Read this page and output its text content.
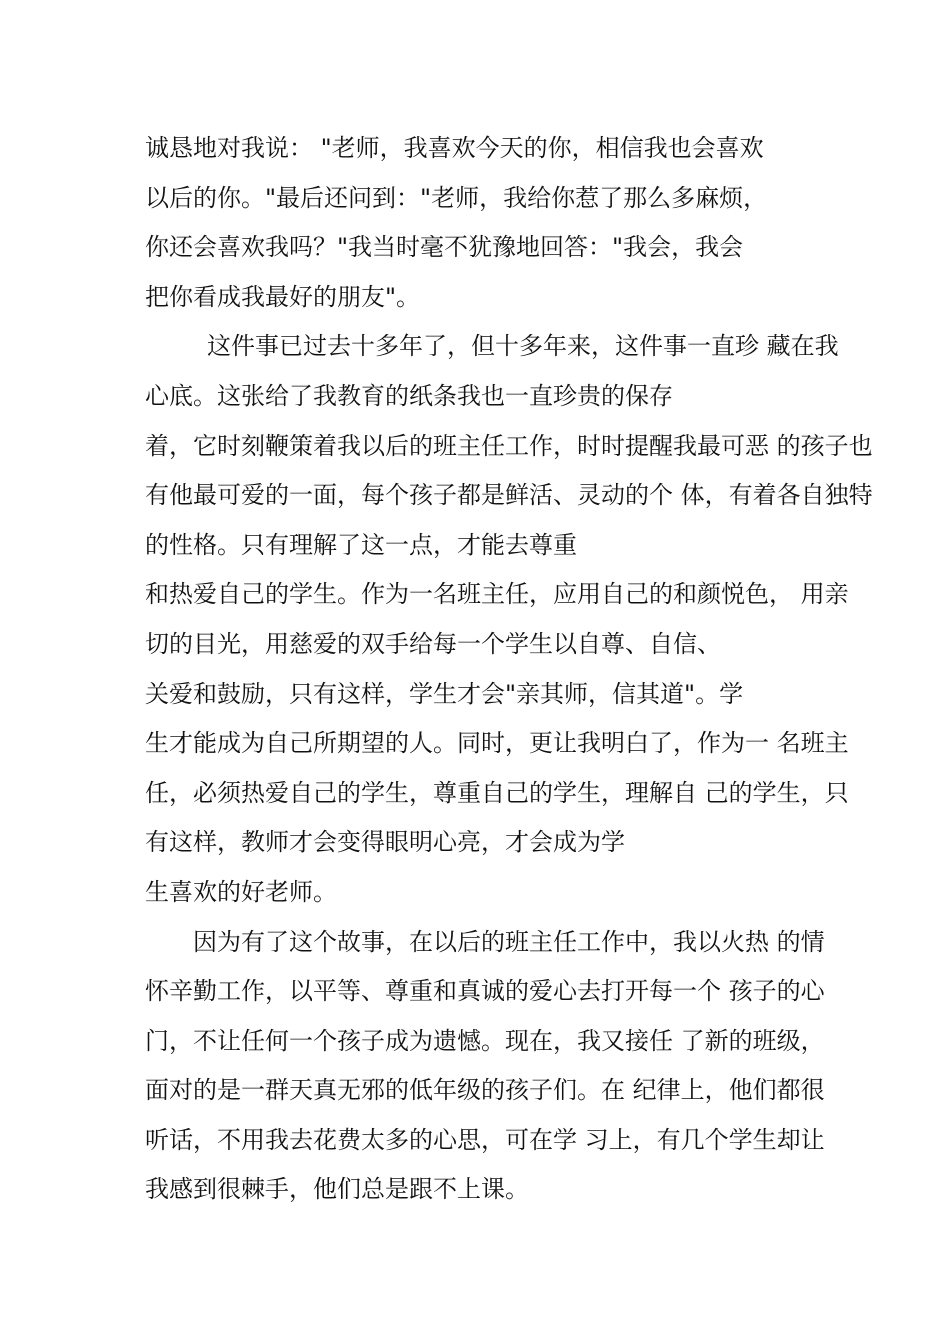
诚恳地对我说： "老师，我喜欢今天的你，相信我也会喜欢
以后的你。"最后还问到："老师，我给你惹了那么多麻烦，
你还会喜欢我吗？"我当时毫不犹豫地回答："我会，我会
把你看成我最好的朋友"。
这件事已过去十多年了，但十多年来，这件事一直珍 藏在我
心底。这张给了我教育的纸条我也一直珍贵的保存
着，它时刻鞭策着我以后的班主任工作，时时提醒我最可恶 的孩子也
有他最可爱的一面，每个孩子都是鲜活、灵动的个 体，有着各自独特
的性格。只有理解了这一点，才能去尊重
和热爱自己的学生。作为一名班主任，应用自己的和颜悦色， 用亲
切的目光，用慈爱的双手给每一个学生以自尊、自信、
关爱和鼓励，只有这样，学生才会"亲其师，信其道"。学
生才能成为自己所期望的人。同时，更让我明白了，作为一 名班主
任，必须热爱自己的学生，尊重自己的学生，理解自 己的学生，只
有这样，教师才会变得眼明心亮，才会成为学
生喜欢的好老师。
因为有了这个故事，在以后的班主任工作中，我以火热 的情
怀辛勤工作，以平等、尊重和真诚的爱心去打开每一个 孩子的心
门，不让任何一个孩子成为遗憾。现在，我又接任 了新的班级，
面对的是一群天真无邪的低年级的孩子们。在 纪律上，他们都很
听话，不用我去花费太多的心思，可在学 习上，有几个学生却让
我感到很棘手，他们总是跟不上课。
